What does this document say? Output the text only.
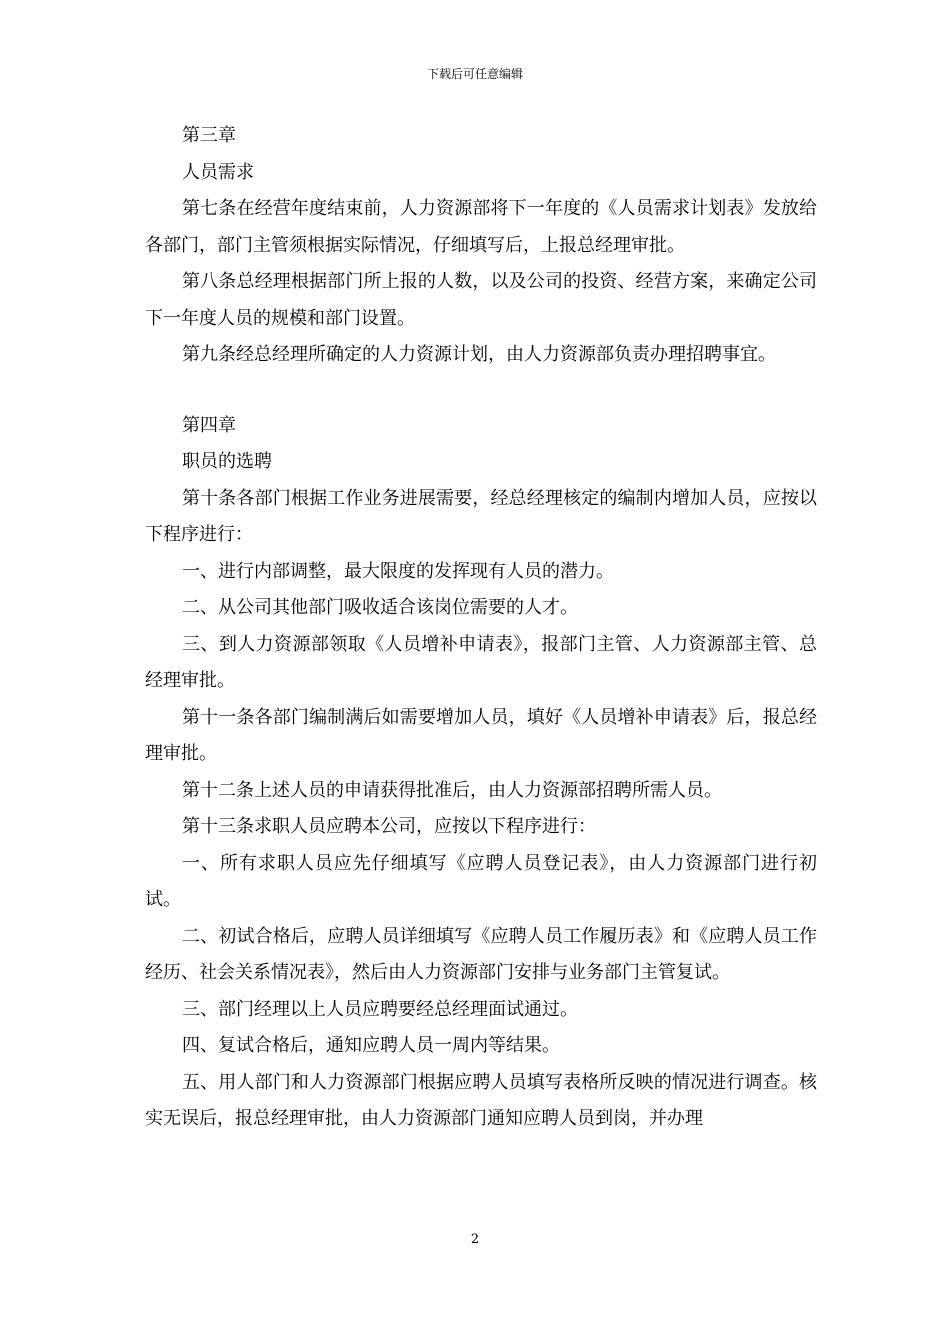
下载后可任意编辑

第三章

人员需求

第七条在经营年度结束前，人力资源部将下一年度的《人员需求计划表》发放给各部门，部门主管须根据实际情况，仔细填写后，上报总经理审批。

第八条总经理根据部门所上报的人数，以及公司的投资、经营方案，来确定公司下一年度人员的规模和部门设置。

第九条经总经理所确定的人力资源计划，由人力资源部负责办理招聘事宜。

第四章

职员的选聘

第十条各部门根据工作业务进展需要，经总经理核定的编制内增加人员，应按以下程序进行：

一、进行内部调整，最大限度的发挥现有人员的潜力。

二、从公司其他部门吸收适合该岗位需要的人才。

三、到人力资源部领取《人员增补申请表》，报部门主管、人力资源部主管、总经理审批。

第十一条各部门编制满后如需要增加人员，填好《人员增补申请表》后，报总经理审批。

第十二条上述人员的申请获得批准后，由人力资源部招聘所需人员。

第十三条求职人员应聘本公司，应按以下程序进行：

一、所有求职人员应先仔细填写《应聘人员登记表》，由人力资源部门进行初试。

二、初试合格后，应聘人员详细填写《应聘人员工作履历表》和《应聘人员工作经历、社会关系情况表》，然后由人力资源部门安排与业务部门主管复试。

三、部门经理以上人员应聘要经总经理面试通过。

四、复试合格后，通知应聘人员一周内等结果。

五、用人部门和人力资源部门根据应聘人员填写表格所反映的情况进行调查。核实无误后，报总经理审批，由人力资源部门通知应聘人员到岗，并办理

2
